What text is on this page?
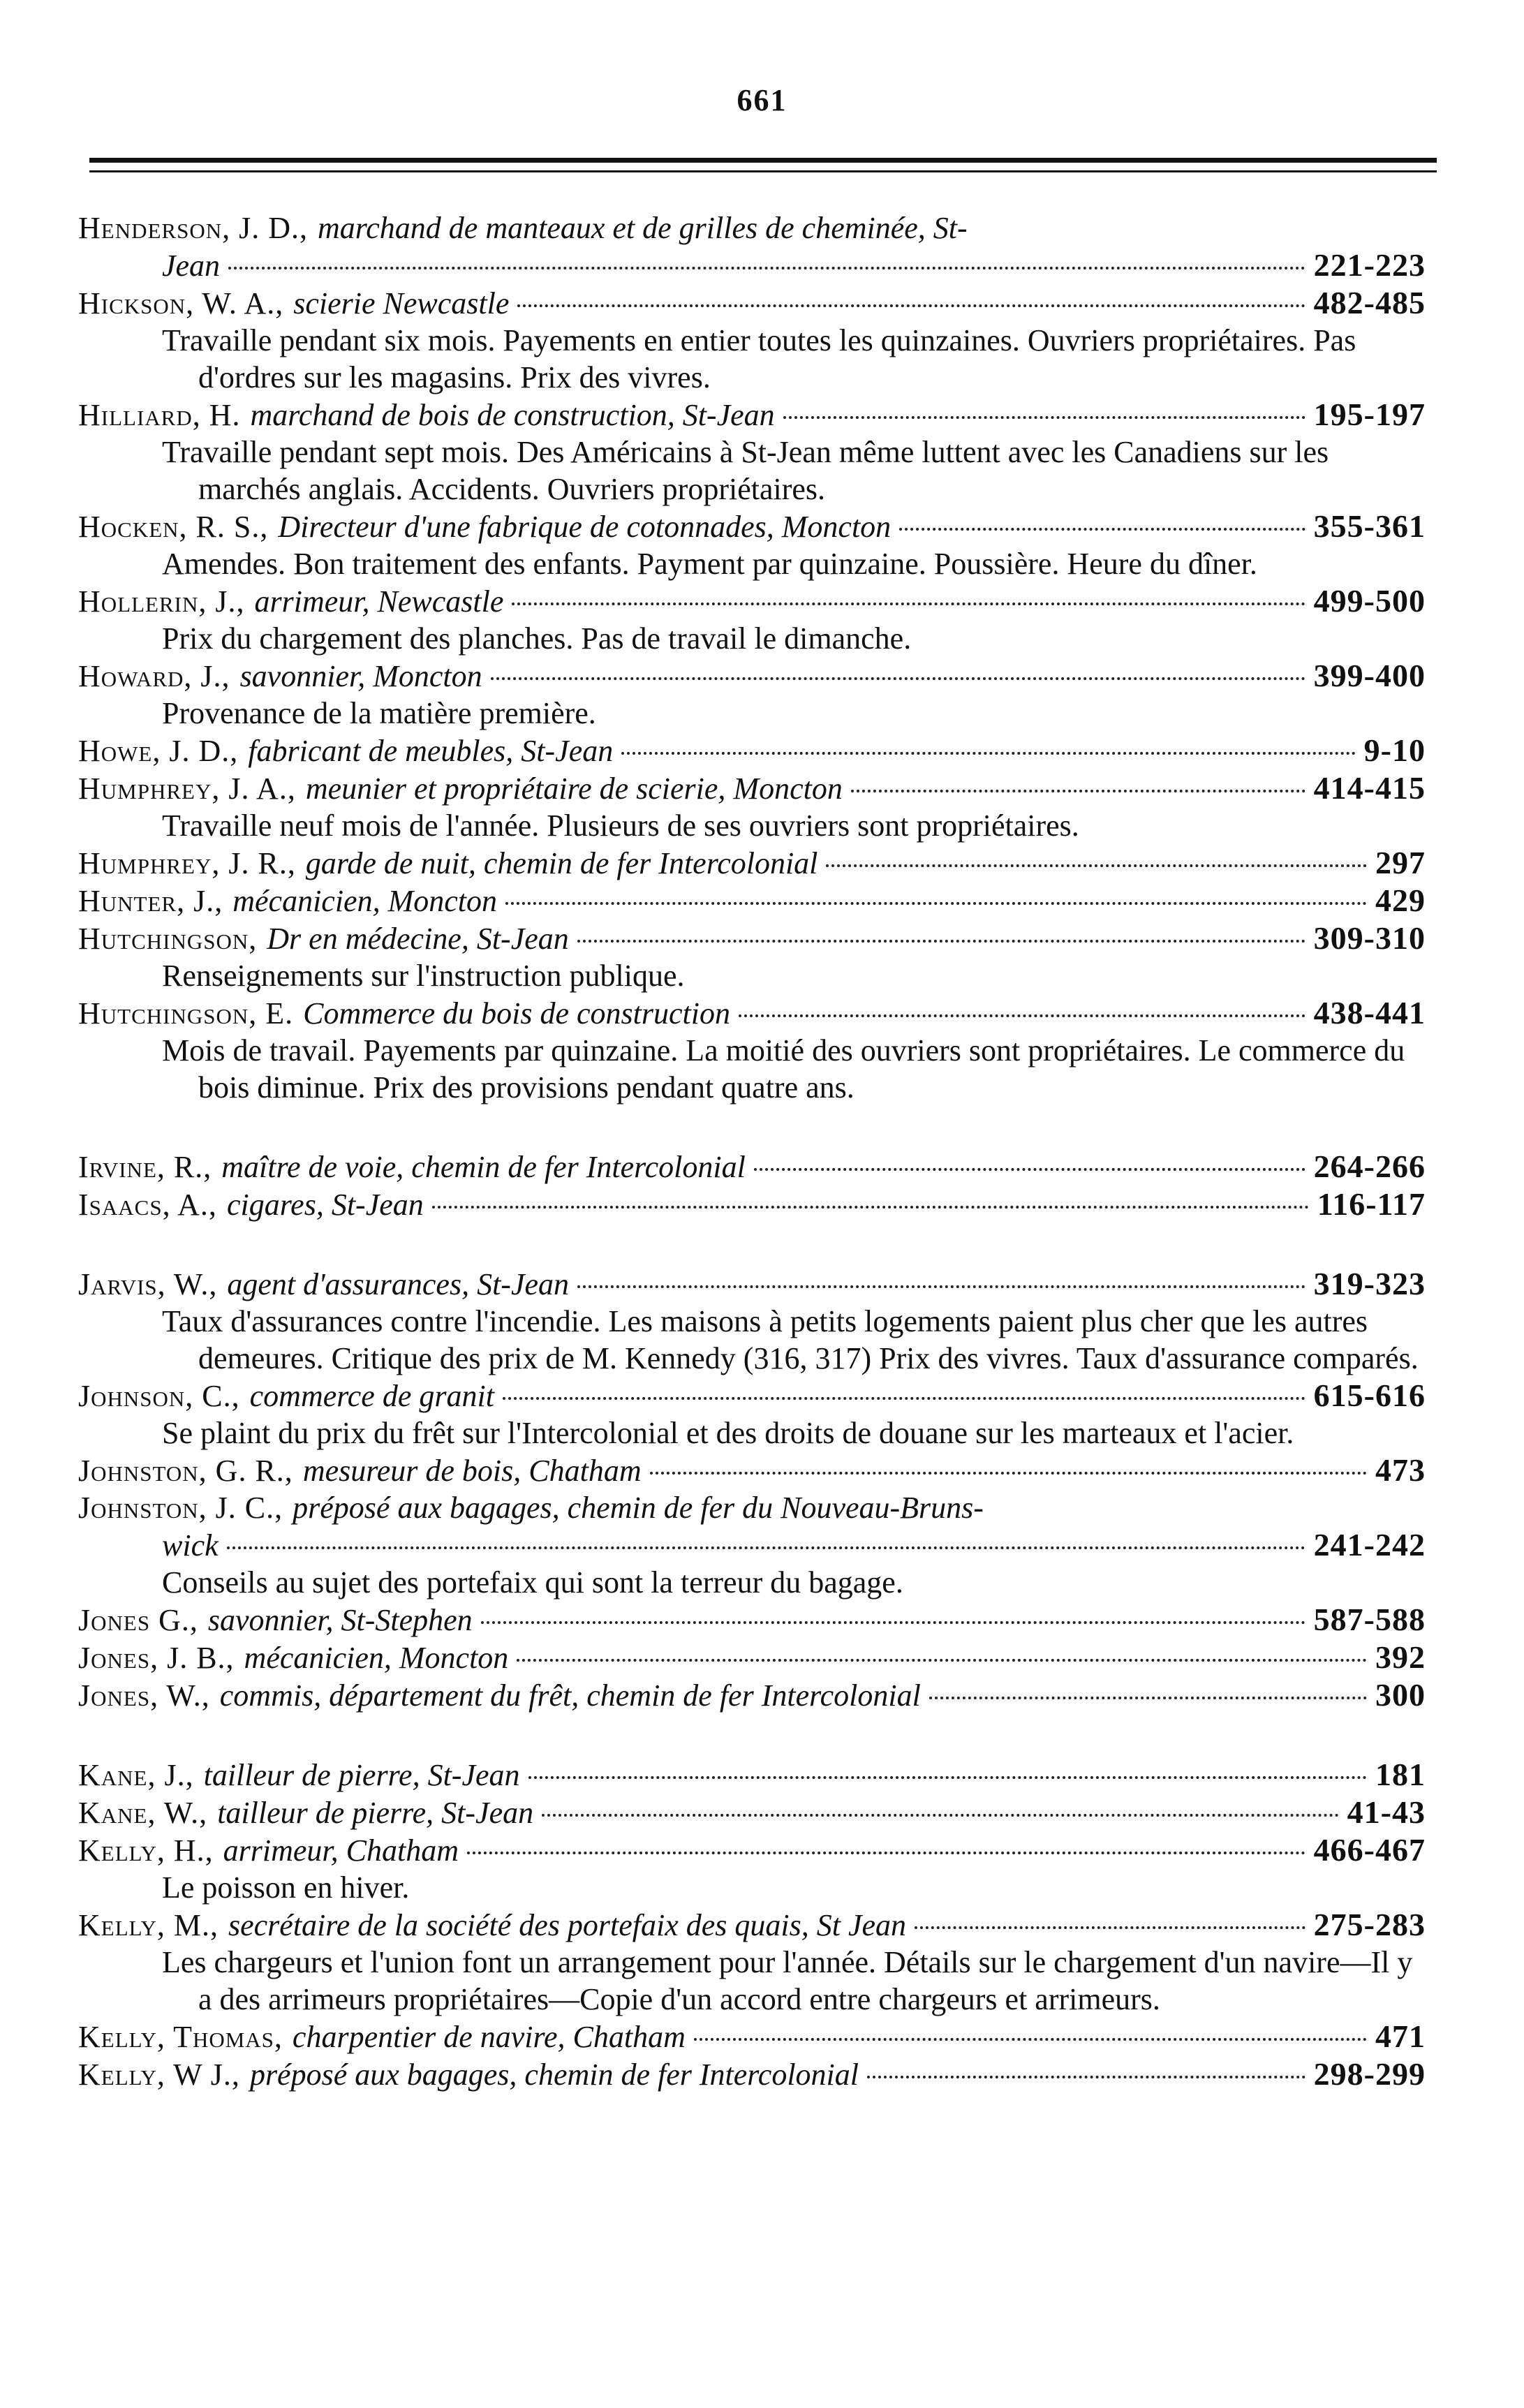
661
Henderson, J. D., marchand de manteaux et de grilles de cheminée, St-
Jean	221-223
Hickson, W. A., scierie Newcastle	482-485
Travaille pendant six mois. Payements en entier toutes les quinzaines. Ouvriers propriétaires. Pas d'ordres sur les magasins. Prix des vivres.
Hilliard, H. marchand de bois de construction, St-Jean	195-197
Travaille pendant sept mois. Des Américains à St-Jean même luttent avec les Canadiens sur les marchés anglais. Accidents. Ouvriers propriétaires.
Hocken, R. S., Directeur d'une fabrique de cotonnades, Moncton	355-361
Amendes. Bon traitement des enfants. Payment par quinzaine. Poussière. Heure du dîner.
Hollerin, J., arrimeur, Newcastle	499-500
Prix du chargement des planches. Pas de travail le dimanche.
Howard, J., savonnier, Moncton	399-400
Provenance de la matière première.
Howe, J. D., fabricant de meubles, St-Jean	9-10
Humphrey, J. A., meunier et propriétaire de scierie, Moncton	414-415
Travaille neuf mois de l'année. Plusieurs de ses ouvriers sont propriétaires.
Humphrey, J. R., garde de nuit, chemin de fer Intercolonial	297
Hunter, J., mécanicien, Moncton	429
Hutchingson, Dr en médecine, St-Jean	309-310
Renseignements sur l'instruction publique.
Hutchingson, E. Commerce du bois de construction	438-441
Mois de travail. Payements par quinzaine. La moitié des ouvriers sont propriétaires. Le commerce du bois diminue. Prix des provisions pendant quatre ans.
Irvine, R., maître de voie, chemin de fer Intercolonial	264-266
Isaacs, A., cigares, St-Jean	116-117
Jarvis, W., agent d'assurances, St-Jean	319-323
Taux d'assurances contre l'incendie. Les maisons à petits logements paient plus cher que les autres demeures. Critique des prix de M. Kennedy (316, 317) Prix des vivres. Taux d'assurance comparés.
Johnson, C., commerce de granit	615-616
Se plaint du prix du frêt sur l'Intercolonial et des droits de douane sur les marteaux et l'acier.
Johnston, G. R., mesureur de bois, Chatham	473
Johnston, J. C., préposé aux bagages, chemin de fer du Nouveau-Bruns-
wick	241-242
Conseils au sujet des portefaix qui sont la terreur du bagage.
Jones G., savonnier, St-Stephen	587-588
Jones, J. B., mécanicien, Moncton	392
Jones, W., commis, département du frêt, chemin de fer Intercolonial	300
Kane, J., tailleur de pierre, St-Jean	181
Kane, W., tailleur de pierre, St-Jean	41-43
Kelly, H., arrimeur, Chatham	466-467
Le poisson en hiver.
Kelly, M., secrétaire de la société des portefaix des quais, St Jean	275-283
Les chargeurs et l'union font un arrangement pour l'année. Détails sur le chargement d'un navire—Il y a des arrimeurs propriétaires—Copie d'un accord entre chargeurs et arrimeurs.
Kelly, Thomas, charpentier de navire, Chatham	471
Kelly, W J., préposé aux bagages, chemin de fer Intercolonial	298-299
